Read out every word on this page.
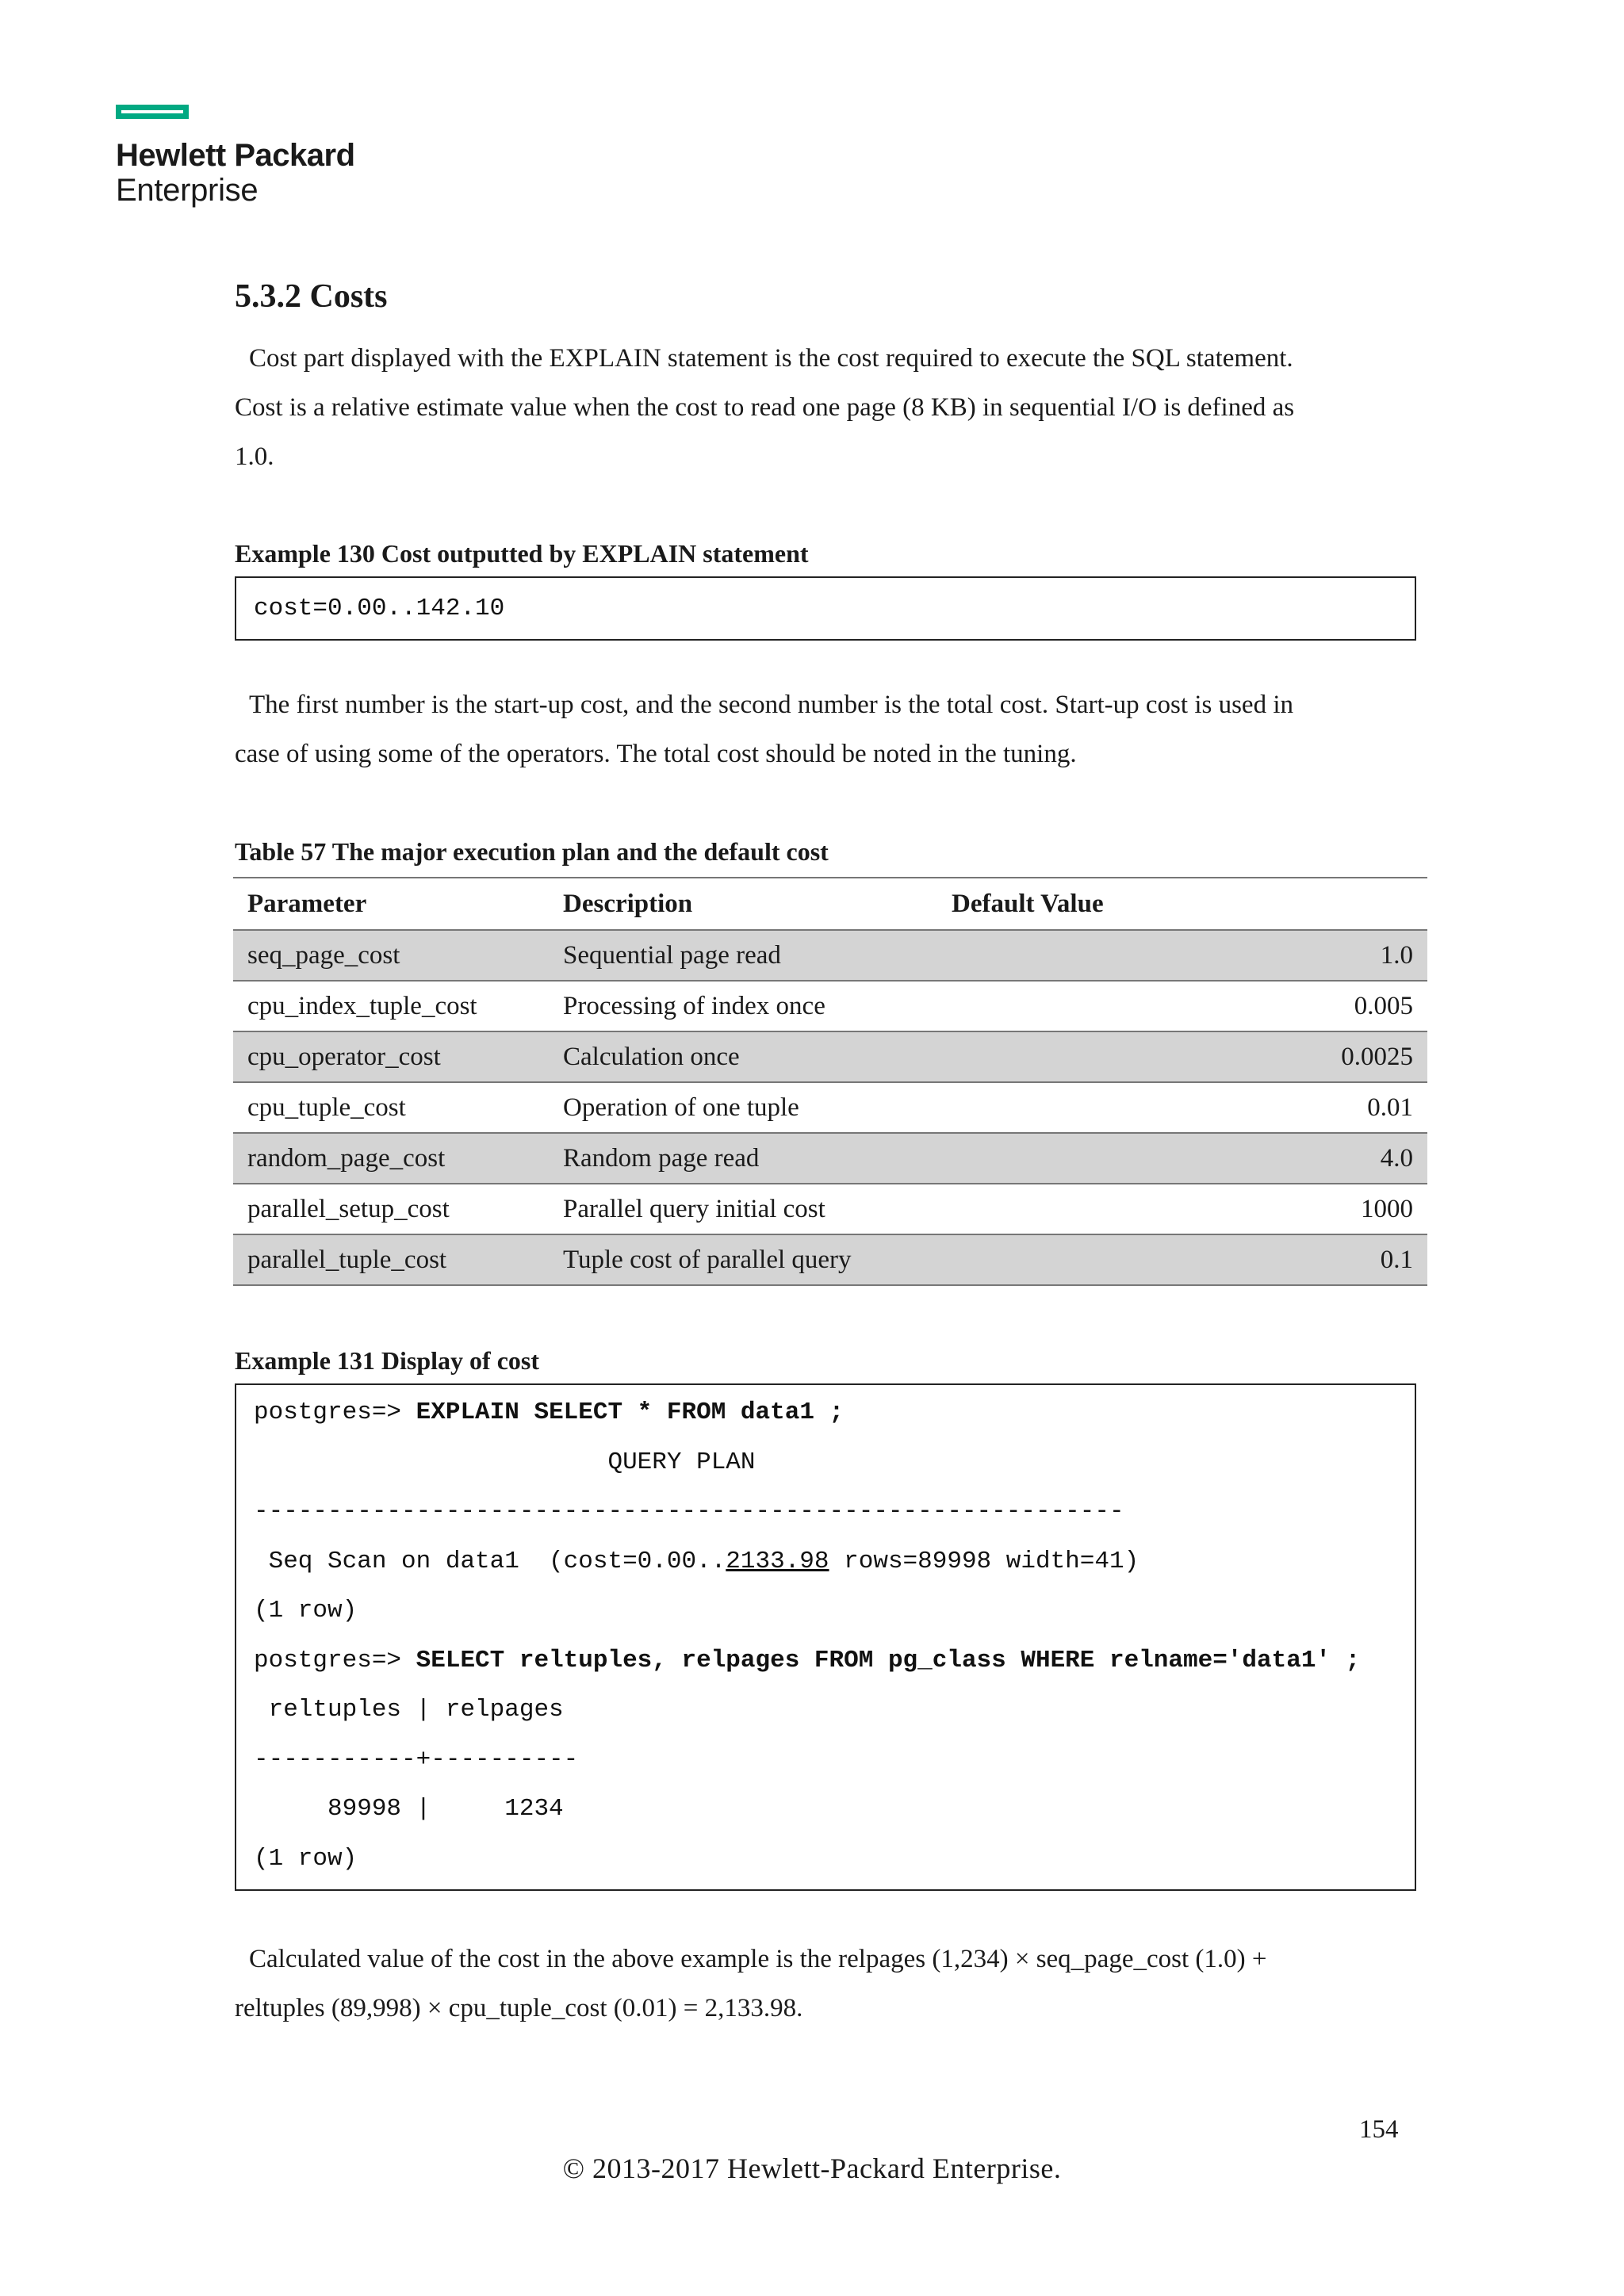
Hewlett Packard
Enterprise
5.3.2 Costs
Cost part displayed with the EXPLAIN statement is the cost required to execute the SQL statement.
Cost is a relative estimate value when the cost to read one page (8 KB) in sequential I/O is defined as
1.0.

Example 130 Cost outputted by EXPLAIN statement

cost=0.00..142.10
The first number is the start-up cost, and the second number is the total cost. Start-up cost is used in
case of using some of the operators. The total cost should be noted in the tuning.

Table 57 The major execution plan and the default cost

Parameter	Description	Default Value
seq_page_cost	Sequential page read	1.0
cpu_index_tuple_cost	Processing of index once	0.005
cpu_operator_cost	Calculation once	0.0025
cpu_tuple_cost	Operation of one tuple	0.01
random_page_cost	Random page read	4.0
parallel_setup_cost	Parallel query initial cost	1000
parallel_tuple_cost	Tuple cost of parallel query	0.1

Example 131 Display of cost

postgres=> EXPLAIN SELECT * FROM data1 ;
QUERY PLAN
-----------------------------------------------------------
Seq Scan on data1  (cost=0.00..2133.98 rows=89998 width=41)
(1 row)
postgres=> SELECT reltuples, relpages FROM pg_class WHERE relname='data1' ;
reltuples | relpages
-----------+----------
89998 |     1234
(1 row)
Calculated value of the cost in the above example is the relpages (1,234) × seq_page_cost (1.0) +
reltuples (89,998) × cpu_tuple_cost (0.01) = 2,133.98.
154
© 2013-2017 Hewlett-Packard Enterprise.
